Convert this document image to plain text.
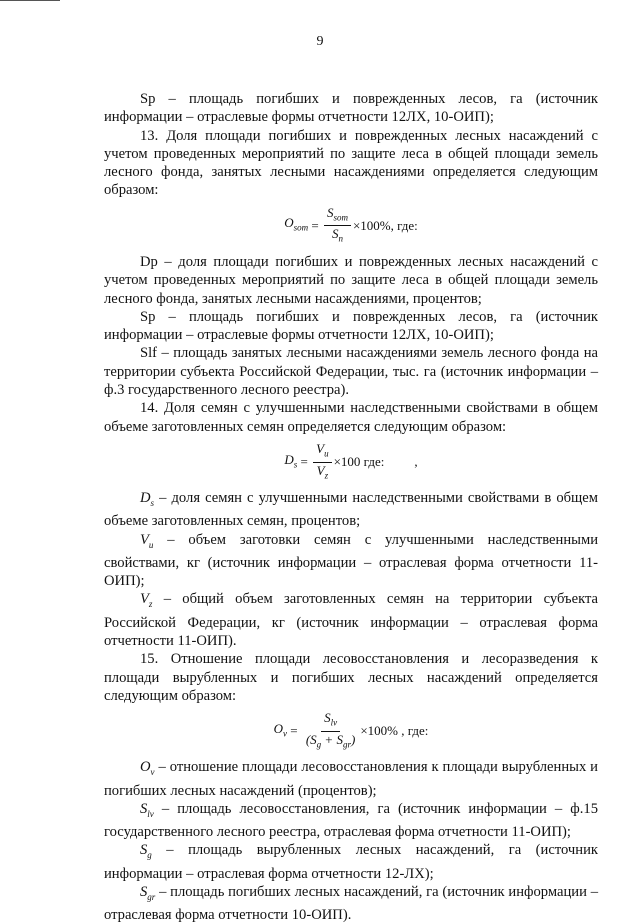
9

Sр – площадь погибших и поврежденных лесов, га (источник информации – отраслевые формы отчетности 12ЛХ, 10-ОИП);

13. Доля площади погибших и поврежденных лесных насаждений с учетом проведенных мероприятий по защите леса в общей площади земель лесного фонда, занятых лесными насаждениями определяется следующим образом:

$O_{som} = \frac{S_{som}}{S_n} \times 100\%$, где:

Dр – доля площади погибших и поврежденных лесных насаждений с учетом проведенных мероприятий по защите леса в общей площади земель лесного фонда, занятых лесными насаждениями, процентов;

Sр – площадь погибших и поврежденных лесов, га (источник информации – отраслевые формы отчетности 12ЛХ, 10-ОИП);

Slf – площадь занятых лесными насаждениями земель лесного фонда на территории субъекта Российской Федерации, тыс. га (источник информации – ф.3 государственного лесного реестра).

14. Доля семян с улучшенными наследственными свойствами в общем объеме заготовленных семян определяется следующим образом:

$D_s = \frac{V_u}{V_z} \times 100$ где: ,

$D_s$ – доля семян с улучшенными наследственными свойствами в общем объеме заготовленных семян, процентов;

$V_u$ – объем заготовки семян с улучшенными наследственными свойствами, кг (источник информации – отраслевая форма отчетности 11-ОИП);

$V_z$ – общий объем заготовленных семян на территории субъекта Российской Федерации, кг (источник информации – отраслевая форма отчетности 11-ОИП).

15. Отношение площади лесовосстановления и лесоразведения к площади вырубленных и погибших лесных насаждений определяется следующим образом:

$O_v = \frac{S_{lv}}{(S_g + S_{gr})} \times 100\%$ , где:

$O_v$ – отношение площади лесовосстановления к площади вырубленных и погибших лесных насаждений (процентов);

$S_{lv}$ – площадь лесовосстановления, га (источник информации – ф.15 государственного лесного реестра, отраслевая форма отчетности 11-ОИП);

$S_g$ – площадь вырубленных лесных насаждений, га (источник информации – отраслевая форма отчетности 12-ЛХ);

$S_{gr}$ – площадь погибших лесных насаждений, га (источник информации – отраслевая форма отчетности 10-ОИП).
